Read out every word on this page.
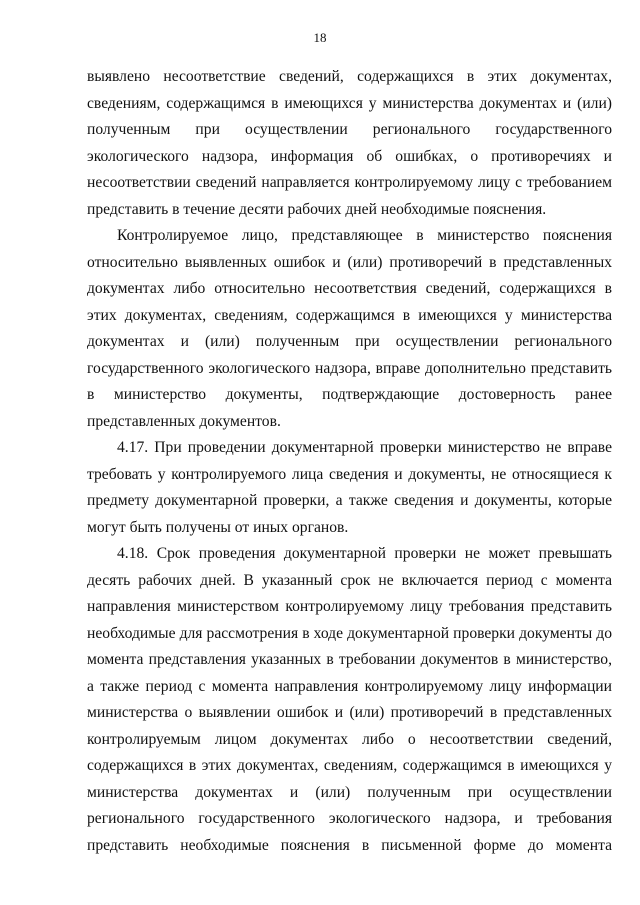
18

выявлено несоответствие сведений, содержащихся в этих документах, сведениям, содержащимся в имеющихся у министерства документах и (или) полученным при осуществлении регионального государственного экологического надзора, информация об ошибках, о противоречиях и несоответствии сведений направляется контролируемому лицу с требованием представить в течение десяти рабочих дней необходимые пояснения.

Контролируемое лицо, представляющее в министерство пояснения относительно выявленных ошибок и (или) противоречий в представленных документах либо относительно несоответствия сведений, содержащихся в этих документах, сведениям, содержащимся в имеющихся у министерства документах и (или) полученным при осуществлении регионального государственного экологического надзора, вправе дополнительно представить в министерство документы, подтверждающие достоверность ранее представленных документов.

4.17. При проведении документарной проверки министерство не вправе требовать у контролируемого лица сведения и документы, не относящиеся к предмету документарной проверки, а также сведения и документы, которые могут быть получены от иных органов.

4.18. Срок проведения документарной проверки не может превышать десять рабочих дней. В указанный срок не включается период с момента направления министерством контролируемому лицу требования представить необходимые для рассмотрения в ходе документарной проверки документы до момента представления указанных в требовании документов в министерство, а также период с момента направления контролируемому лицу информации министерства о выявлении ошибок и (или) противоречий в представленных контролируемым лицом документах либо о несоответствии сведений, содержащихся в этих документах, сведениям, содержащимся в имеющихся у министерства документах и (или) полученным при осуществлении регионального государственного экологического надзора, и требования представить необходимые пояснения в письменной форме до момента
